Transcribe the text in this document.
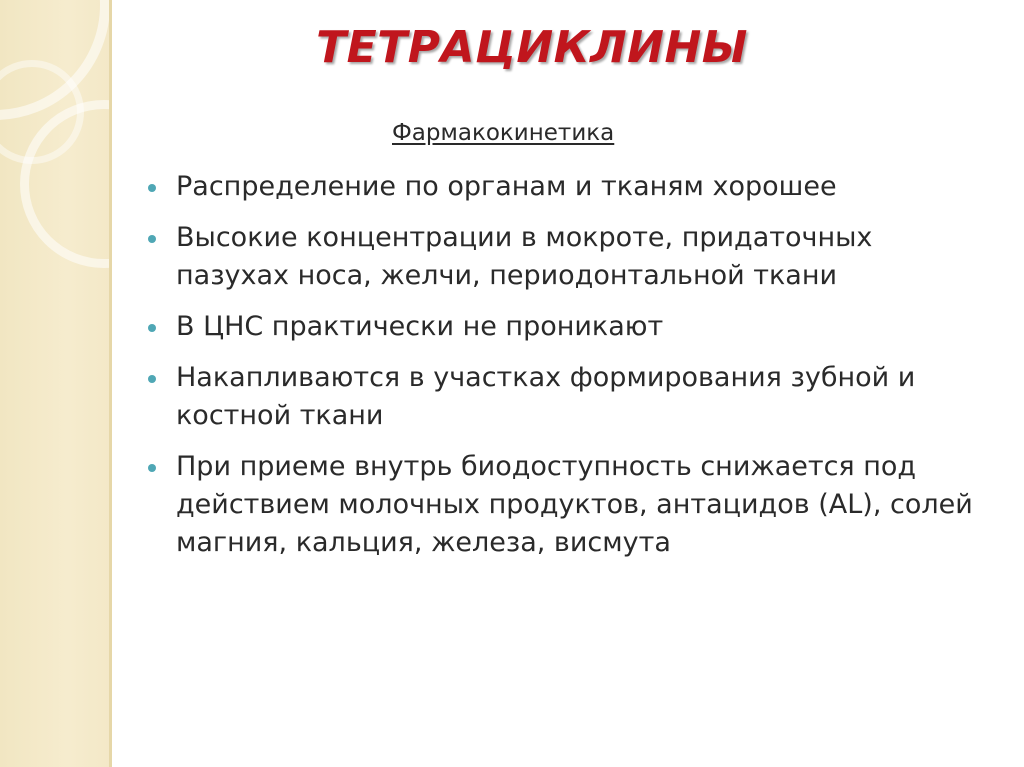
ТЕТРАЦИКЛИНЫ

Фармакокинетика

Распределение по органам и тканям хорошее
Высокие концентрации в мокроте, придаточных пазухах носа, желчи, периодонтальной ткани
В ЦНС практически не проникают
Накапливаются в участках формирования зубной и костной ткани
При приеме внутрь биодоступность снижается под действием молочных продуктов, антацидов (AL), солей магния, кальция, железа, висмута
